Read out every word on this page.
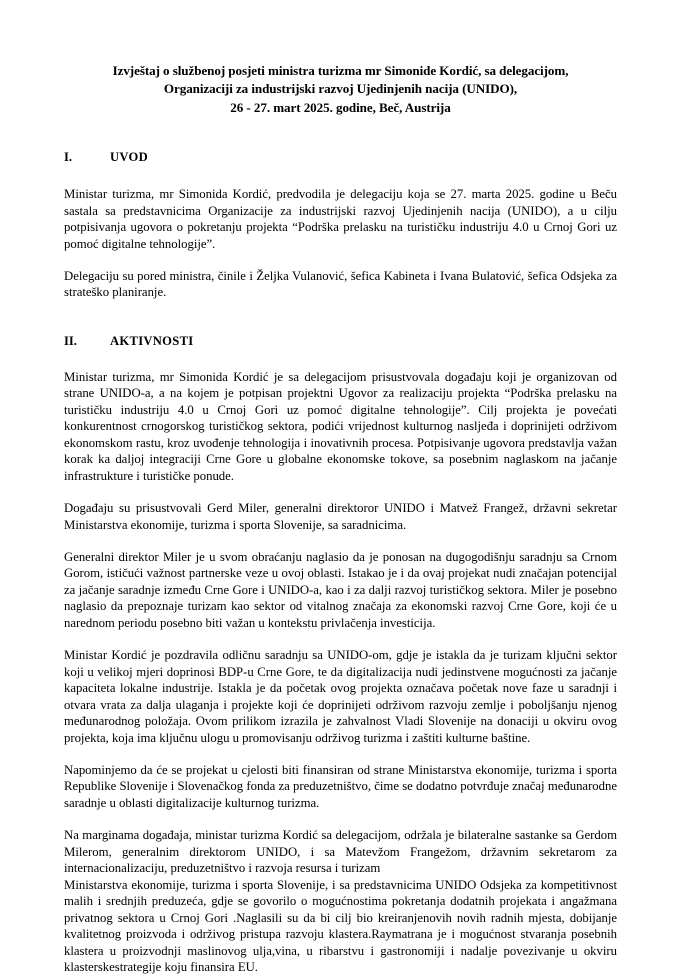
Izvještaj o službenoj posjeti ministra turizma mr Simonide Kordić, sa delegacijom,
Organizaciji za industrijski razvoj Ujedinjenih nacija (UNIDO),
26 - 27. mart 2025. godine, Beč, Austrija
I.	UVOD

Ministar turizma, mr Simonida Kordić, predvodila je delegaciju koja se 27. marta 2025. godine u Beču sastala sa predstavnicima Organizacije za industrijski razvoj Ujedinjenih nacija (UNIDO), a u cilju potpisivanja ugovora o pokretanju projekta “Podrška prelasku na turističku industriju 4.0 u Crnoj Gori uz pomoć digitalne tehnologije”.

Delegaciju su pored ministra, činile i Željka Vulanović, šefica Kabineta i Ivana Bulatović, šefica Odsjeka za strateško planiranje.

II.	AKTIVNOSTI

Ministar turizma, mr Simonida Kordić je sa delegacijom prisustvovala događaju koji je organizovan od strane UNIDO-a, a na kojem je potpisan projektni Ugovor za realizaciju projekta “Podrška prelasku na turističku industriju 4.0 u Crnoj Gori uz pomoć digitalne tehnologije”. Cilj projekta je povećati konkurentnost crnogorskog turističkog sektora, podići vrijednost kulturnog nasljeđa i doprinijeti održivom ekonomskom rastu, kroz uvođenje tehnologija i inovativnih procesa. Potpisivanje ugovora predstavlja važan korak ka daljoj integraciji Crne Gore u globalne ekonomske tokove, sa posebnim naglaskom na jačanje infrastrukture i turističke ponude.

Događaju su prisustvovali Gerd Miler, generalni direktoror UNIDO i Matvež Frangež, državni sekretar Ministarstva ekonomije, turizma i sporta Slovenije, sa saradnicima.

Generalni direktor Miler je u svom obraćanju naglasio da je ponosan na dugogodišnju saradnju sa Crnom Gorom, ističući važnost partnerske veze u ovoj oblasti. Istakao je i da ovaj projekat nudi značajan potencijal za jačanje saradnje između Crne Gore i UNIDO-a, kao i za dalji razvoj turističkog sektora. Miler je posebno naglasio da prepoznaje turizam kao sektor od vitalnog značaja za ekonomski razvoj Crne Gore, koji će u narednom periodu posebno biti važan u kontekstu privlačenja investicija.

Ministar Kordić je pozdravila odličnu saradnju sa UNIDO-om, gdje je istakla da je turizam ključni sektor koji u velikoj mjeri doprinosi BDP-u Crne Gore, te da digitalizacija nudi jedinstvene mogućnosti za jačanje kapaciteta lokalne industrije. Istakla je da početak ovog projekta označava početak nove faze u saradnji i otvara vrata za dalja ulaganja i projekte koji će doprinijeti održivom razvoju zemlje i poboljšanju njenog međunarodnog položaja. Ovom prilikom izrazila je zahvalnost Vladi Slovenije na donaciji u okviru ovog projekta, koja ima ključnu ulogu u promovisanju održivog turizma i zaštiti kulturne baštine.

Napominjemo da će se projekat u cjelosti biti finansiran od strane Ministarstva ekonomije, turizma i sporta Republike Slovenije i Slovenačkog fonda za preduzetništvo, čime se dodatno potvrđuje značaj međunarodne saradnje u oblasti digitalizacije kulturnog turizma.

Na marginama događaja, ministar turizma Kordić sa delegacijom, održala je bilateralne sastanke sa Gerdom Milerom, generalnim direktorom UNIDO, i sa Matevžom Frangežom, državnim sekretarom za internacionalizaciju, preduzetništvo i razvoja resursa i turizam

Ministarstva ekonomije, turizma i sporta Slovenije, i sa predstavnicima UNIDO Odsjeka za kompetitivnost malih i srednjih preduzeća, gdje se govorilo o mogućnostima pokretanja dodatnih projekata i angažmana privatnog sektora u Crnoj Gori .Naglasili su da bi cilj bio kreiranjenovih novih radnih mjesta, dobijanje kvalitetnog proizvoda i održivog pristupa razvoju klastera.Raymatrana je i mogućnost stvaranja posebnih klastera u proizvodnji maslinovog ulja,vina, u ribarstvu i gastronomiji i nadalje povezivanje u okviru klasterskestrategije koju finansira EU.
